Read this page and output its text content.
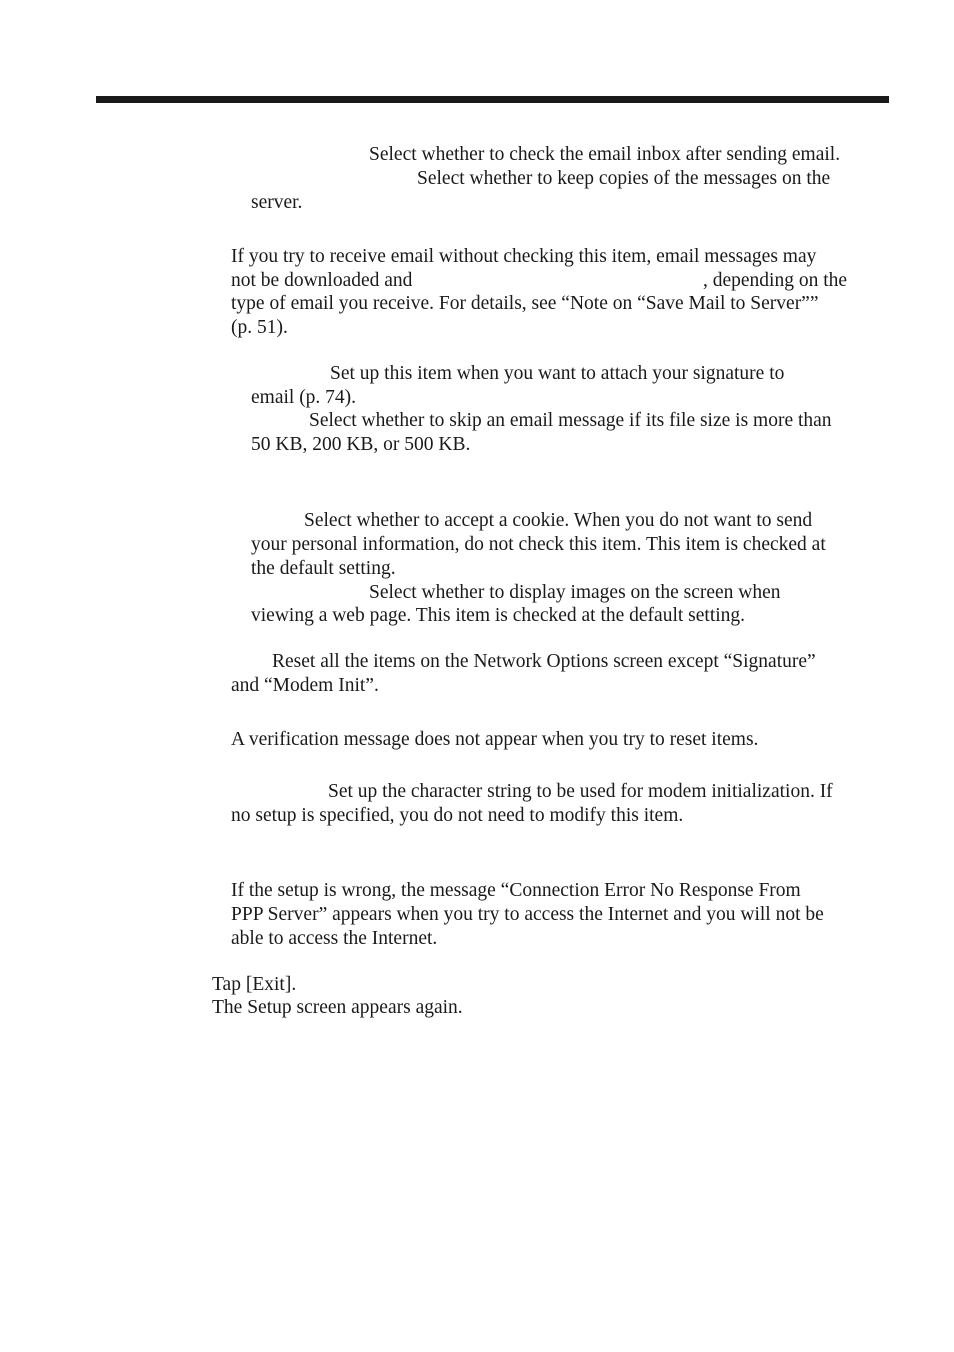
Select whether to check the email inbox after sending email.
Select whether to keep copies of the messages on the
server.
If you try to receive email without checking this item, email messages may
not be downloaded and	, depending on the
type of email you receive. For details, see “Note on “Save Mail to Server””
(p. 51).
Set up this item when you want to attach your signature to
email (p. 74).
Select whether to skip an email message if its file size is more than
50 KB, 200 KB, or 500 KB.
Select whether to accept a cookie. When you do not want to send
your personal information, do not check this item. This item is checked at
the default setting.
Select whether to display images on the screen when
viewing a web page. This item is checked at the default setting.
Reset all the items on the Network Options screen except “Signature”
and “Modem Init”.
A verification message does not appear when you try to reset items.
Set up the character string to be used for modem initialization. If
no setup is specified, you do not need to modify this item.
If the setup is wrong, the message “Connection Error No Response From
PPP Server” appears when you try to access the Internet and you will not be
able to access the Internet.
Tap [Exit].
The Setup screen appears again.
